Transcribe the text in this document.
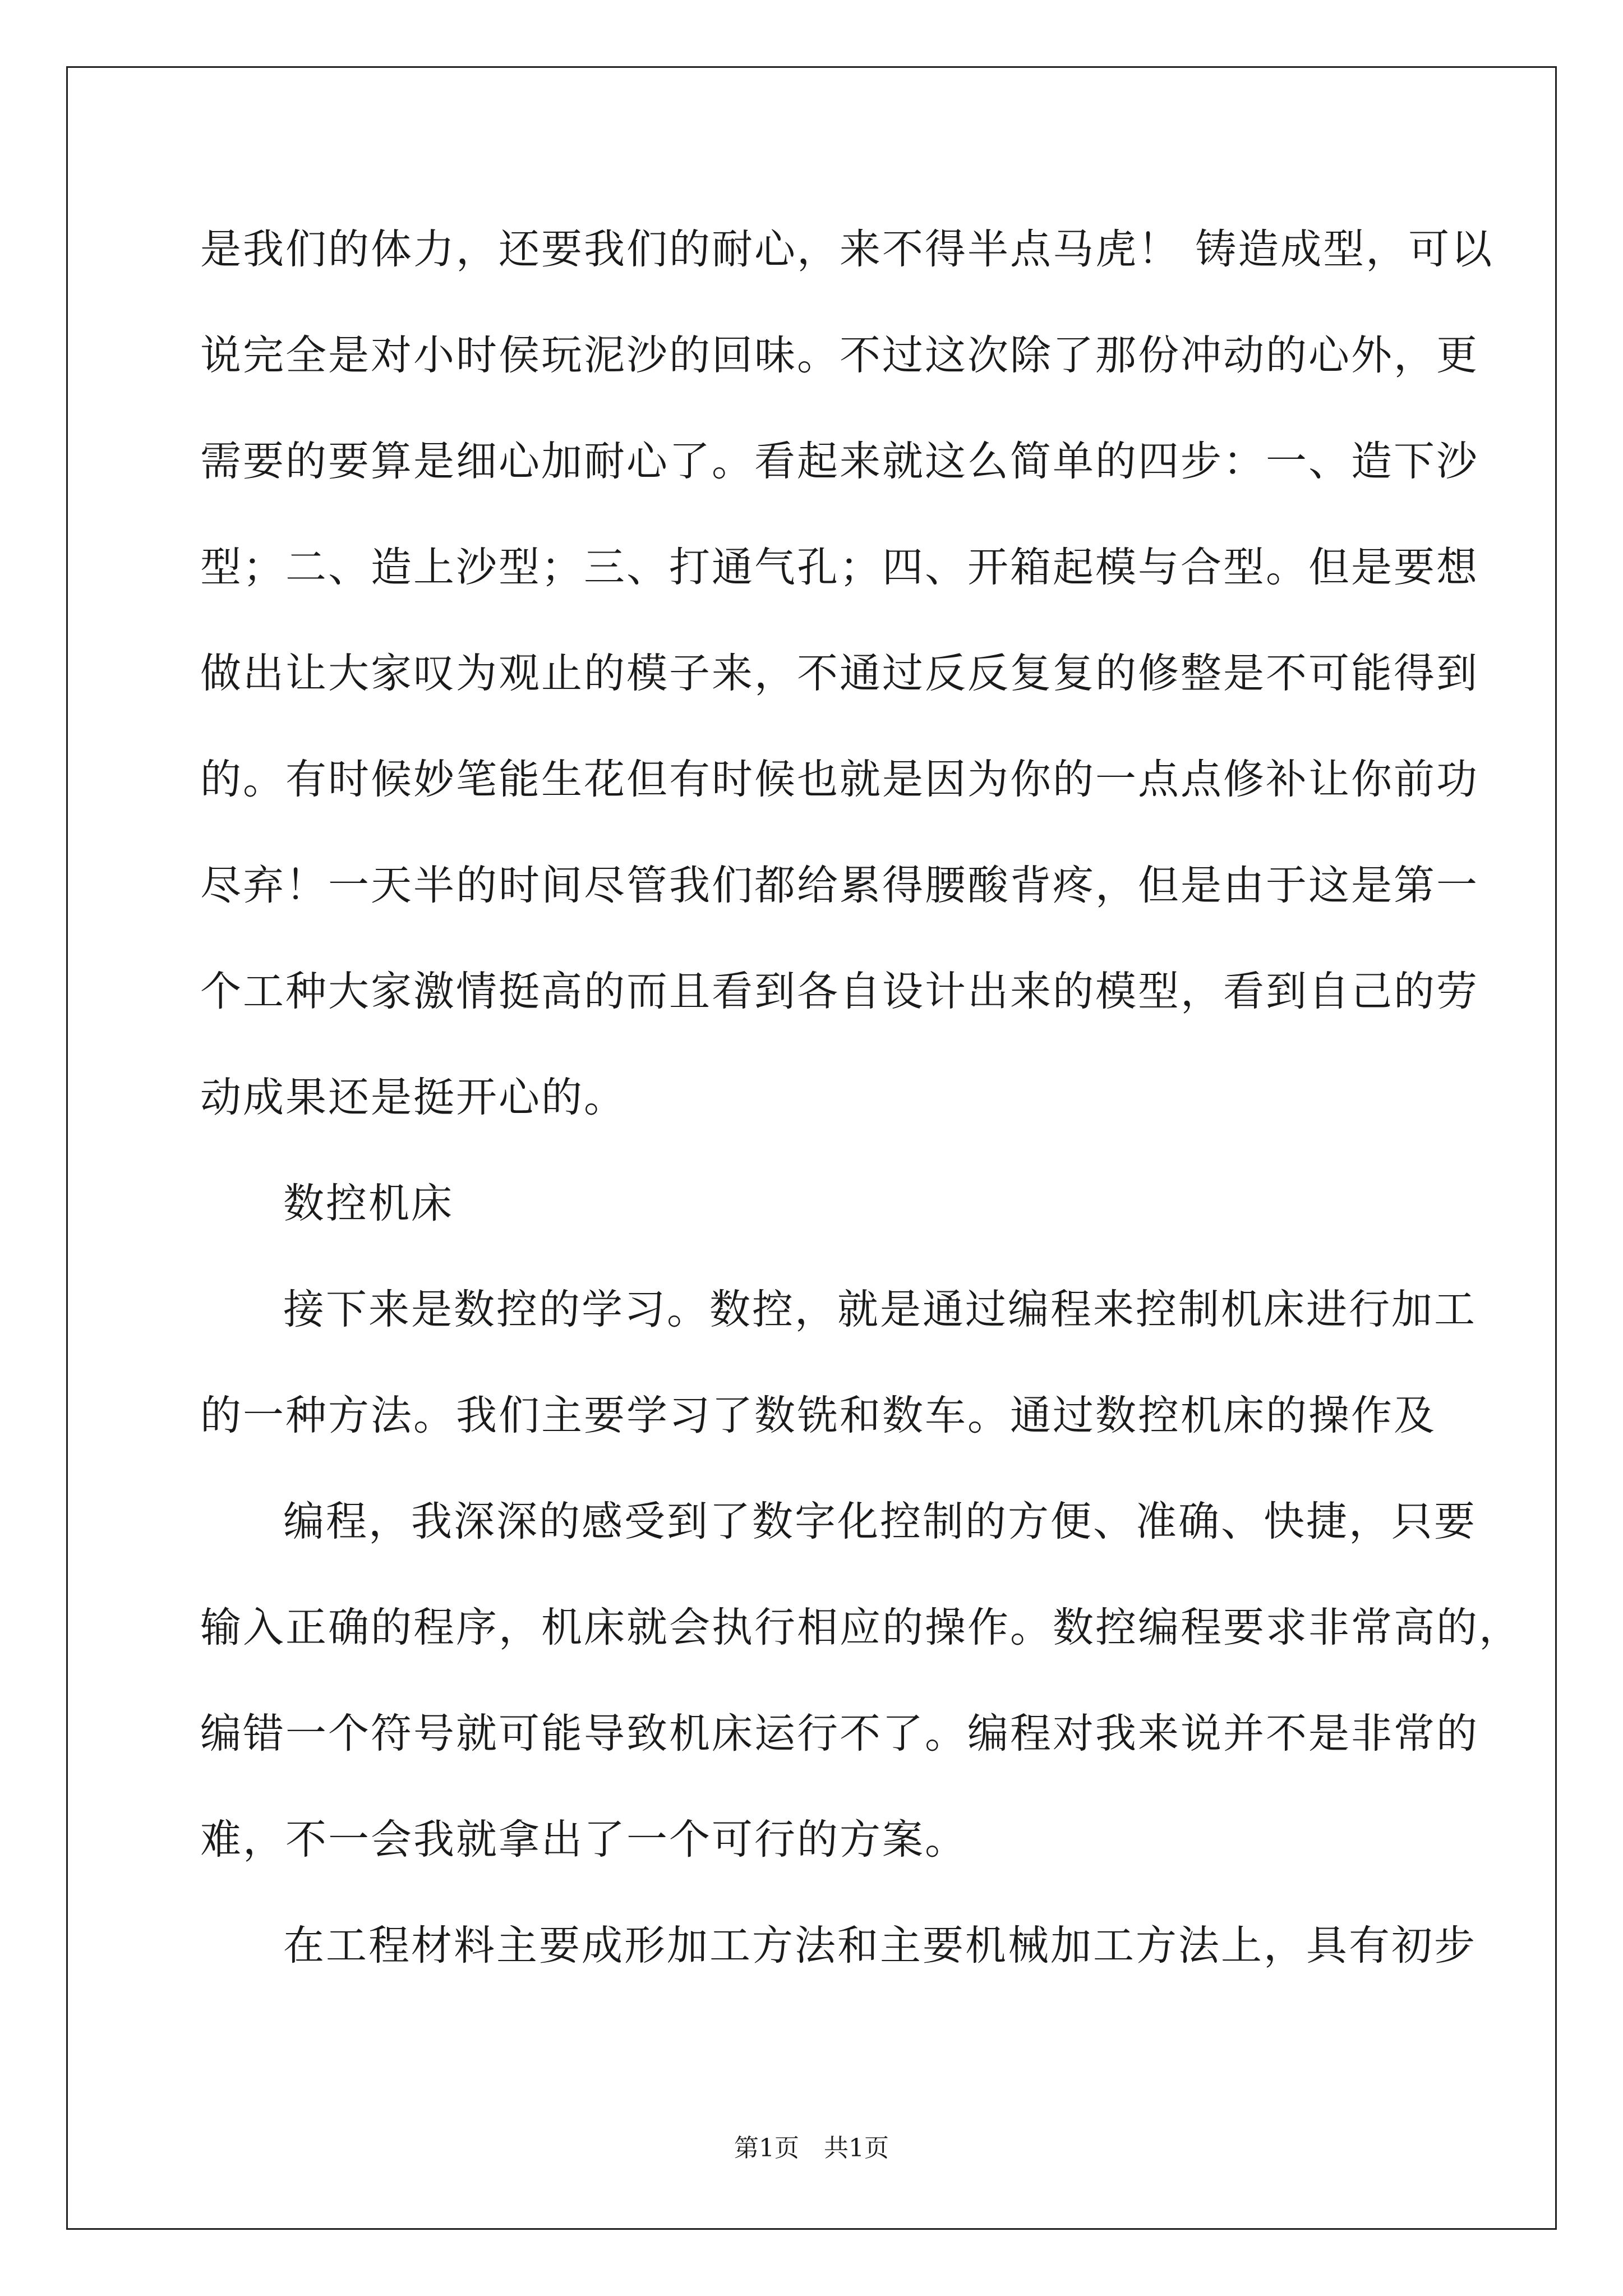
是我们的体力，还要我们的耐心，来不得半点马虎！ 铸造成型，可以
说完全是对小时侯玩泥沙的回味。不过这次除了那份冲动的心外，更
需要的要算是细心加耐心了。看起来就这么简单的四步：一、造下沙
型；二、造上沙型；三、打通气孔；四、开箱起模与合型。但是要想
做出让大家叹为观止的模子来，不通过反反复复的修整是不可能得到
的。有时候妙笔能生花但有时候也就是因为你的一点点修补让你前功
尽弃！一天半的时间尽管我们都给累得腰酸背疼，但是由于这是第一
个工种大家激情挺高的而且看到各自设计出来的模型，看到自己的劳
动成果还是挺开心的。
数控机床
接下来是数控的学习。数控，就是通过编程来控制机床进行加工
的一种方法。我们主要学习了数铣和数车。通过数控机床的操作及
编程，我深深的感受到了数字化控制的方便、准确、快捷，只要
输入正确的程序，机床就会执行相应的操作。数控编程要求非常高的，
编错一个符号就可能导致机床运行不了。编程对我来说并不是非常的
难，不一会我就拿出了一个可行的方案。
在工程材料主要成形加工方法和主要机械加工方法上，具有初步
第1页　共1页
